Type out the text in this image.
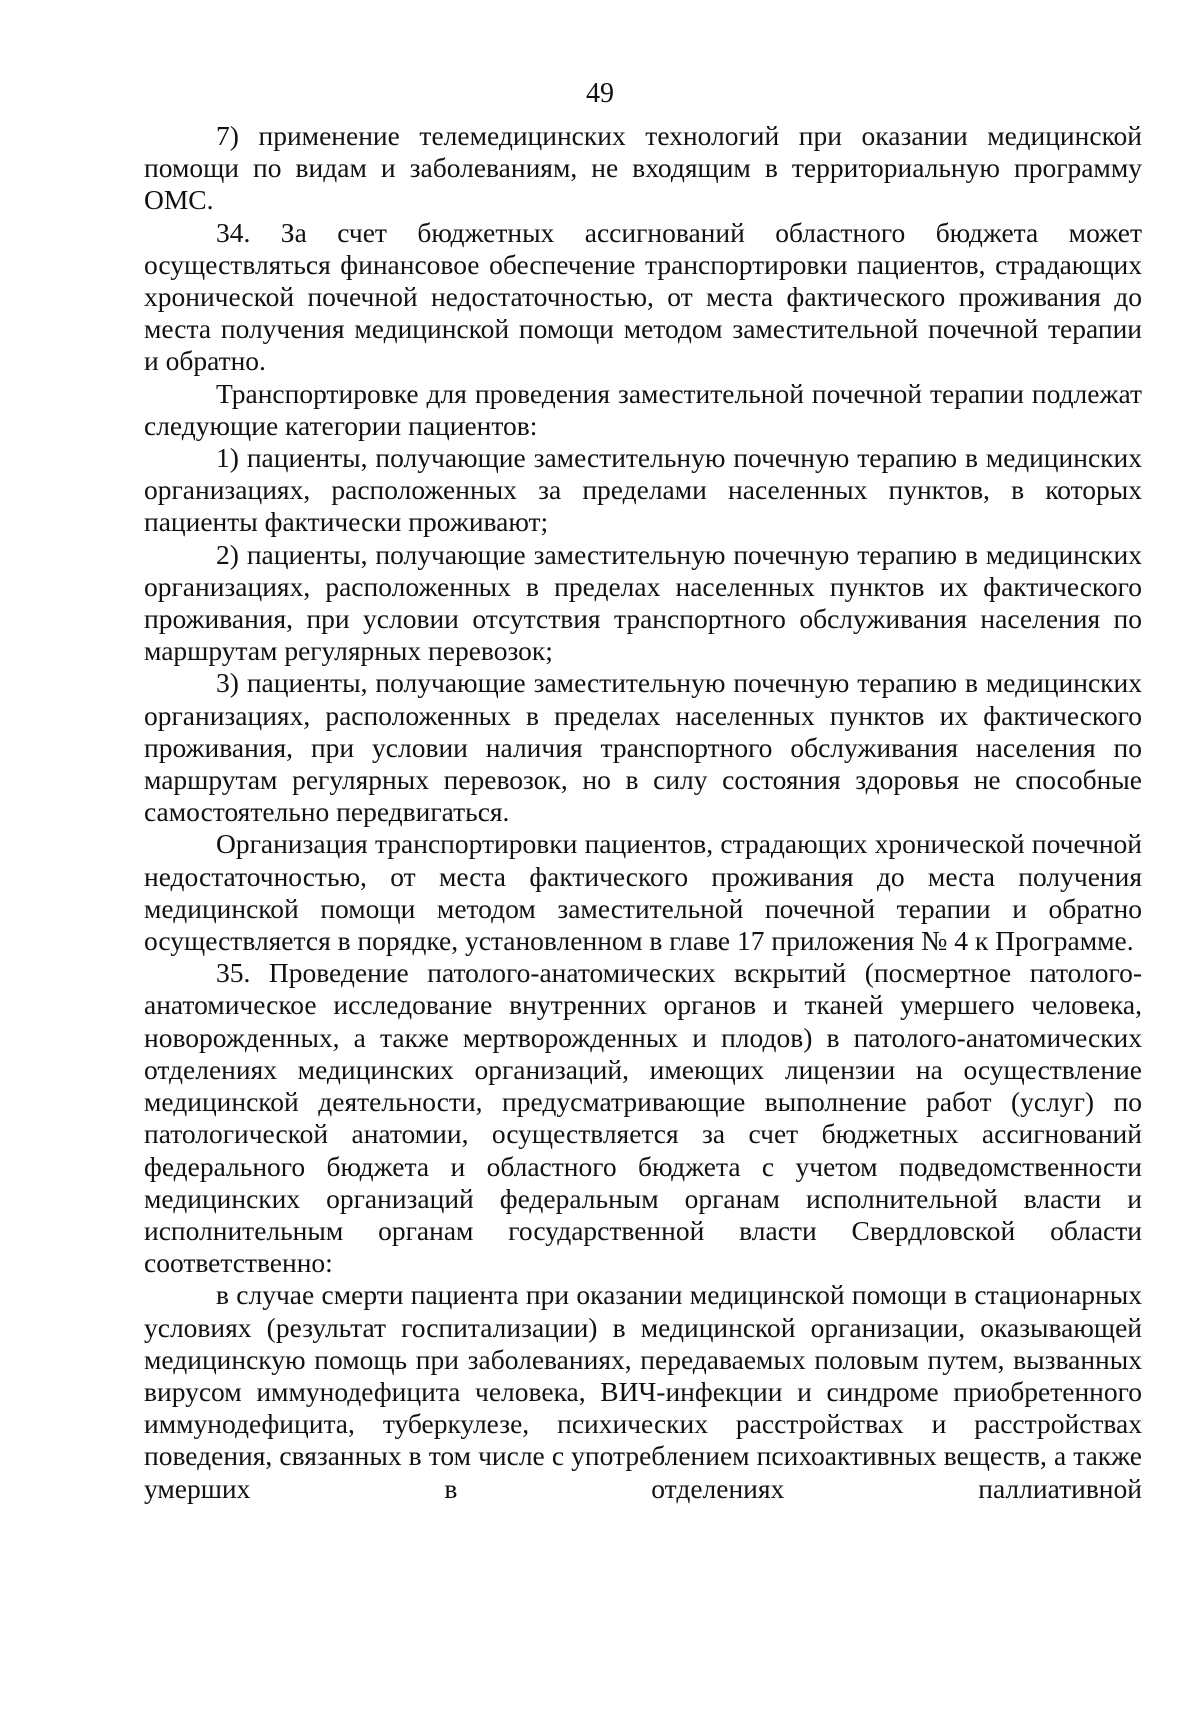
49

7) применение телемедицинских технологий при оказании медицинской помощи по видам и заболеваниям, не входящим в территориальную программу ОМС.

34. За счет бюджетных ассигнований областного бюджета может осуществляться финансовое обеспечение транспортировки пациентов, страдающих хронической почечной недостаточностью, от места фактического проживания до места получения медицинской помощи методом заместительной почечной терапии и обратно.

Транспортировке для проведения заместительной почечной терапии подлежат следующие категории пациентов:

1) пациенты, получающие заместительную почечную терапию в медицинских организациях, расположенных за пределами населенных пунктов, в которых пациенты фактически проживают;

2) пациенты, получающие заместительную почечную терапию в медицинских организациях, расположенных в пределах населенных пунктов их фактического проживания, при условии отсутствия транспортного обслуживания населения по маршрутам регулярных перевозок;

3) пациенты, получающие заместительную почечную терапию в медицинских организациях, расположенных в пределах населенных пунктов их фактического проживания, при условии наличия транспортного обслуживания населения по маршрутам регулярных перевозок, но в силу состояния здоровья не способные самостоятельно передвигаться.

Организация транспортировки пациентов, страдающих хронической почечной недостаточностью, от места фактического проживания до места получения медицинской помощи методом заместительной почечной терапии и обратно осуществляется в порядке, установленном в главе 17 приложения № 4 к Программе.

35. Проведение патолого-анатомических вскрытий (посмертное патолого-анатомическое исследование внутренних органов и тканей умершего человека, новорожденных, а также мертворожденных и плодов) в патолого-анатомических отделениях медицинских организаций, имеющих лицензии на осуществление медицинской деятельности, предусматривающие выполнение работ (услуг) по патологической анатомии, осуществляется за счет бюджетных ассигнований федерального бюджета и областного бюджета с учетом подведомственности медицинских организаций федеральным органам исполнительной власти и исполнительным органам государственной власти Свердловской области соответственно:

в случае смерти пациента при оказании медицинской помощи в стационарных условиях (результат госпитализации) в медицинской организации, оказывающей медицинскую помощь при заболеваниях, передаваемых половым путем, вызванных вирусом иммунодефицита человека, ВИЧ-инфекции и синдроме приобретенного иммунодефицита, туберкулезе, психических расстройствах и расстройствах поведения, связанных в том числе с употреблением психоактивных веществ, а также умерших в отделениях паллиативной
